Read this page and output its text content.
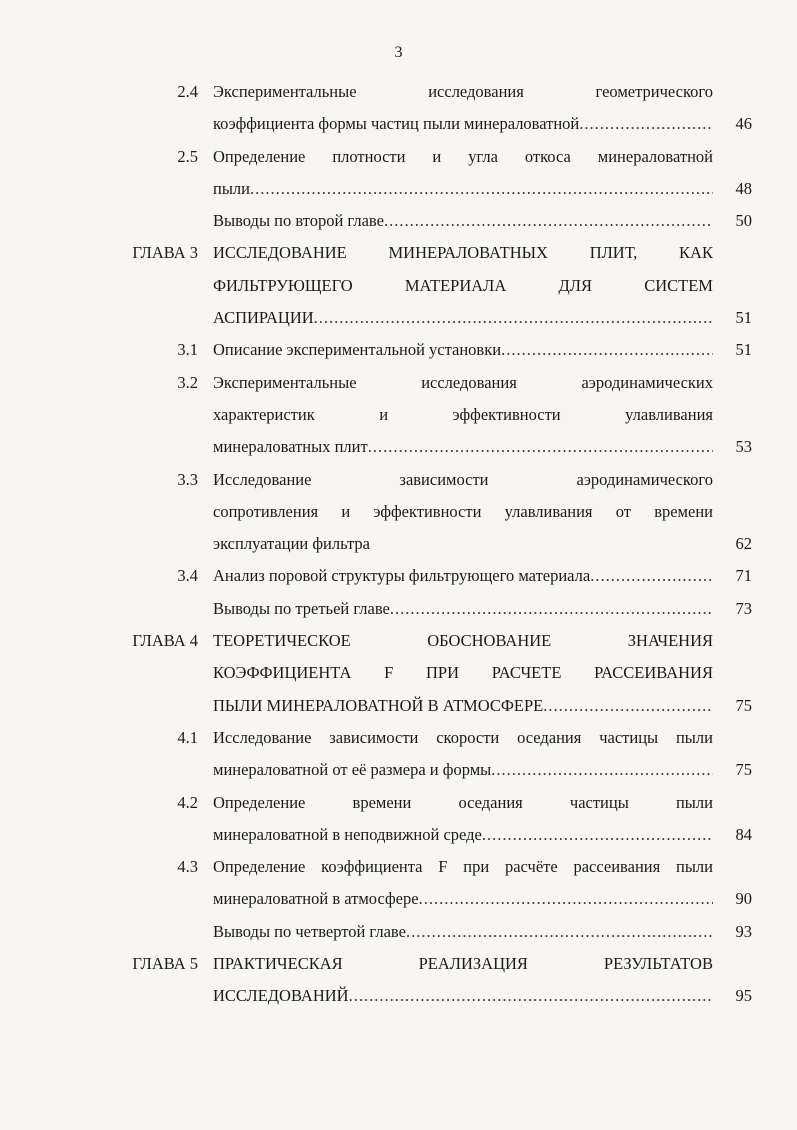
3
2.4 Экспериментальные	исследования	геометрического
коэффициента формы частиц пыли минераловатной .....	46
2.5 Определение плотности и угла откоса минераловатной
пыли .....	48
Выводы по второй главе .....	50
ГЛАВА 3 ИССЛЕДОВАНИЕ	МИНЕРАЛОВАТНЫХ	ПЛИТ,	КАК
ФИЛЬТРУЮЩЕГО	МАТЕРИАЛА	ДЛЯ	СИСТЕМ
АСПИРАЦИИ .....	51
3.1 Описание экспериментальной установки .....	51
3.2 Экспериментальные	исследования	аэродинамических
характеристик	и	эффективности	улавливания
минераловатных плит .....	53
3.3 Исследование	зависимости	аэродинамического
сопротивления и эффективности улавливания от времени
эксплуатации фильтра	62
3.4 Анализ поровой структуры фильтрующего материала .....	71
Выводы по третьей главе .....	73
ГЛАВА 4 ТЕОРЕТИЧЕСКОЕ	ОБОСНОВАНИЕ	ЗНАЧЕНИЯ
КОЭФФИЦИЕНТА F ПРИ РАСЧЕТЕ РАССЕИВАНИЯ
ПЫЛИ МИНЕРАЛОВАТНОЙ В АТМОСФЕРЕ .....	75
4.1 Исследование зависимости скорости оседания частицы пыли
минераловатной от её размера и формы .....	75
4.2 Определение	времени	оседания	частицы	пыли
минераловатной в неподвижной среде .....	84
4.3 Определение коэффициента F при расчёте рассеивания пыли
минераловатной в атмосфере .....	90
Выводы по четвертой главе .....	93
ГЛАВА 5 ПРАКТИЧЕСКАЯ	РЕАЛИЗАЦИЯ	РЕЗУЛЬТАТОВ
ИССЛЕДОВАНИЙ .....	95
